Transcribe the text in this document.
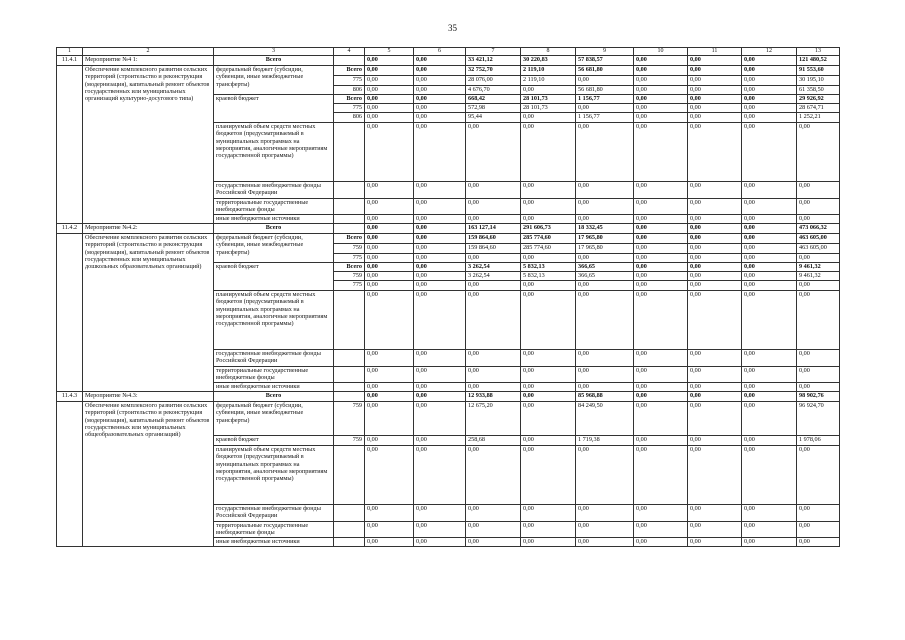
35
1	2	3	4	5	6	7	8	9	10	11	12	13
11.4.1	Мероприятие №4 1:	Всего		0,00	0,00	33 421,12	30 220,83	57 838,57	0,00	0,00	0,00	121 480,52
	Обеспечение комплексного развития сельских территорий (строительство и реконструкция (модернизация), капитальный ремонт объектов государственных или муниципальных организаций культурно-досугового типа)	федеральный бюджет (субсидии, субвенции, иные межбюджетные трансферты)	Всего	0,00	0,00	32 752,70	2 119,10	56 681,80	0,00	0,00	0,00	91 553,60
			775	0,00	0,00	28 076,00	2 119,10	0,00	0,00	0,00	0,00	30 195,10
			806	0,00	0,00	4 676,70	0,00	56 681,80	0,00	0,00	0,00	61 358,50
		краевой бюджет	Всего	0,00	0,00	668,42	28 101,73	1 156,77	0,00	0,00	0,00	29 926,92
			775	0,00	0,00	572,98	28 101,73	0,00	0,00	0,00	0,00	28 674,71
			806	0,00	0,00	95,44	0,00	1 156,77	0,00	0,00	0,00	1 252,21
		планируемый объем средств местных бюджетов (предусматриваемый в муниципальных программах на мероприятия, аналогичные мероприятиям государственной программы)		0,00	0,00	0,00	0,00	0,00	0,00	0,00	0,00	0,00
		государственные внебюджетные фонды Российской Федерации		0,00	0,00	0,00	0,00	0,00	0,00	0,00	0,00	0,00
		территориальные государственные внебюджетные фонды		0,00	0,00	0,00	0,00	0,00	0,00	0,00	0,00	0,00
		иные внебюджетные источники		0,00	0,00	0,00	0,00	0,00	0,00	0,00	0,00	0,00
11.4.2	Мероприятие №4.2:	Всего		0,00	0,00	163 127,14	291 606,73	18 332,45	0,00	0,00	0,00	473 066,32
	Обеспечение комплексного развития сельских территорий (строительство и реконструкция (модернизация), капитальный ремонт объектов государственных или муниципальных дошкольных образовательных организаций)	федеральный бюджет (субсидии, субвенции, иные межбюджетные трансферты)	Всего	0,00	0,00	159 864,60	285 774,60	17 965,80	0,00	0,00	0,00	463 605,00
			759	0,00	0,00	159 864,60	285 774,60	17 965,80	0,00	0,00	0,00	463 605,00
			775	0,00	0,00	0,00	0,00	0,00	0,00	0,00	0,00	0,00
		краевой бюджет	Всего	0,00	0,00	3 262,54	5 832,13	366,65	0,00	0,00	0,00	9 461,32
			759	0,00	0,00	3 262,54	5 832,13	366,65	0,00	0,00	0,00	9 461,32
			775	0,00	0,00	0,00	0,00	0,00	0,00	0,00	0,00	0,00
		планируемый объем средств местных бюджетов (предусматриваемый в муниципальных программах на мероприятия, аналогичные мероприятиям государственной программы)		0,00	0,00	0,00	0,00	0,00	0,00	0,00	0,00	0,00
		государственные внебюджетные фонды Российской Федерации		0,00	0,00	0,00	0,00	0,00	0,00	0,00	0,00	0,00
		территориальные государственные внебюджетные фонды		0,00	0,00	0,00	0,00	0,00	0,00	0,00	0,00	0,00
		иные внебюджетные источники		0,00	0,00	0,00	0,00	0,00	0,00	0,00	0,00	0,00
11.4.3	Мероприятие №4.3:	Всего		0,00	0,00	12 933,88	0,00	85 968,88	0,00	0,00	0,00	98 902,76
	Обеспечение комплексного развития сельских территорий (строительство и реконструкция (модернизация), капитальный ремонт объектов государственных или муниципальных общеобразовательных организаций)	федеральный бюджет (субсидии, субвенции, иные межбюджетные трансферты)	759	0,00	0,00	12 675,20	0,00	84 249,50	0,00	0,00	0,00	96 924,70
		краевой бюджет	759	0,00	0,00	258,68	0,00	1 719,38	0,00	0,00	0,00	1 978,06
		планируемый объем средств местных бюджетов (предусматриваемый в муниципальных программах на мероприятия, аналогичные мероприятиям государственной программы)		0,00	0,00	0,00	0,00	0,00	0,00	0,00	0,00	0,00
		государственные внебюджетные фонды Российской Федерации		0,00	0,00	0,00	0,00	0,00	0,00	0,00	0,00	0,00
		территориальные государственные внебюджетные фонды		0,00	0,00	0,00	0,00	0,00	0,00	0,00	0,00	0,00
		иные внебюджетные источники		0,00	0,00	0,00	0,00	0,00	0,00	0,00	0,00	0,00
